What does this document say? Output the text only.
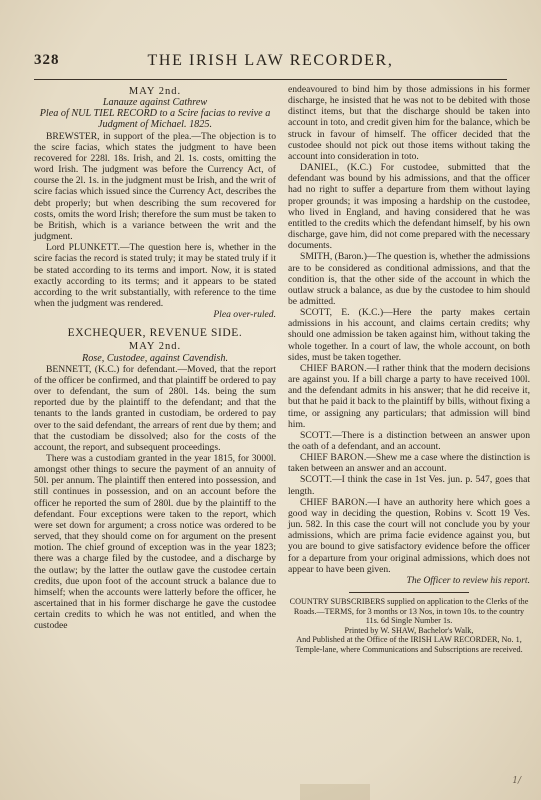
328	THE IRISH LAW RECORDER,

MAY 2nd.

Lanauze against Cathrew

Plea of NUL TIEL RECORD to a Scire facias to revive a Judgment of Michael. 1825.

BREWSTER, in support of the plea.—The objection is to the scire facias, which states the judgment to have been recovered for 228l. 18s. Irish, and 2l. 1s. costs, omitting the word Irish. The judgment was before the Currency Act, of course the 2l. 1s. in the judgment must be Irish, and the writ of scire facias which issued since the Currency Act, describes the debt properly; but when describing the sum recovered for costs, omits the word Irish; therefore the sum must be taken to be British, which is a variance between the writ and the judgment.

Lord PLUNKETT.—The question here is, whether in the scire facias the record is stated truly; it may be stated truly if it be stated according to its terms and import. Now, it is stated exactly according to its terms; and it appears to be stated according to the writ substantially, with reference to the time when the judgment was rendered.

Plea over-ruled.

EXCHEQUER, REVENUE SIDE.

MAY 2nd.

Rose, Custodee, against Cavendish.

BENNETT, (K.C.) for defendant.—Moved, that the report of the officer be confirmed, and that plaintiff be ordered to pay over to defendant, the sum of 280l. 14s. being the sum reported due by the plaintiff to the defendant; and that the tenants to the lands granted in custodiam, be ordered to pay over to the said defendant, the arrears of rent due by them; and that the custodiam be dissolved; also for the costs of the account, the report, and subsequent proceedings.

There was a custodiam granted in the year 1815, for 3000l. amongst other things to secure the payment of an annuity of 50l. per annum. The plaintiff then entered into possession, and still continues in possession, and on an account before the officer he reported the sum of 280l. due by the plaintiff to the defendant. Four exceptions were taken to the report, which were set down for argument; a cross notice was ordered to be served, that they should come on for argument on the present motion. The chief ground of exception was in the year 1823; there was a charge filed by the custodee, and a discharge by the outlaw; by the latter the outlaw gave the custodee certain credits, due upon foot of the account struck a balance due to himself; when the accounts were latterly before the officer, he ascertained that in his former discharge he gave the custodee certain credits to which he was not entitled, and when the custodee

endeavoured to bind him by those admissions in his former discharge, he insisted that he was not to be debited with those distinct items, but that the discharge should be taken into account in toto, and credit given him for the balance, which be struck in favour of himself. The officer decided that the custodee should not pick out those items without taking the account into consideration in toto.

DANIEL, (K.C.) For custodee, submitted that the defendant was bound by his admissions, and that the officer had no right to suffer a departure from them without laying proper grounds; it was imposing a hardship on the custodee, who lived in England, and having considered that he was entitled to the credits which the defendant himself, by his own discharge, gave him, did not come prepared with the necessary documents.

SMITH, (Baron.)—The question is, whether the admissions are to be considered as conditional admissions, and that the condition is, that the other side of the account in which the outlaw struck a balance, as due by the custodee to him should be admitted.

SCOTT, E. (K.C.)—Here the party makes certain admissions in his account, and claims certain credits; why should one admission be taken against him, without taking the whole together. In a court of law, the whole account, on both sides, must be taken together.

CHIEF BARON.—I rather think that the modern decisions are against you. If a bill charge a party to have received 100l. and the defendant admits in his answer; that he did receive it, but that he paid it back to the plaintiff by bills, without fixing a time, or assigning any particulars; that admission will bind him.

SCOTT.—There is a distinction between an answer upon the oath of a defendant, and an account.

CHIEF BARON.—Shew me a case where the distinction is taken between an answer and an account.

SCOTT.—I think the case in 1st Ves. jun. p. 547, goes that length.

CHIEF BARON.—I have an authority here which goes a good way in deciding the question, Robins v. Scott 19 Ves. jun. 582. In this case the court will not conclude you by your admissions, which are prima facie evidence against you, but you are bound to give satisfactory evidence before the officer for a departure from your original admissions, which does not appear to have been given.

The Officer to review his report.

COUNTRY SUBSCRIBERS supplied on application to the Clerks of the Roads.—TERMS, for 3 months or 13 Nos, in town 10s. to the country 11s. 6d Single Number 1s.

Printed by W. SHAW, Bachelor's Walk,

And Published at the Office of the IRISH LAW RECORDER, No. 1, Temple-lane, where Communications and Subscriptions are received.

1/
